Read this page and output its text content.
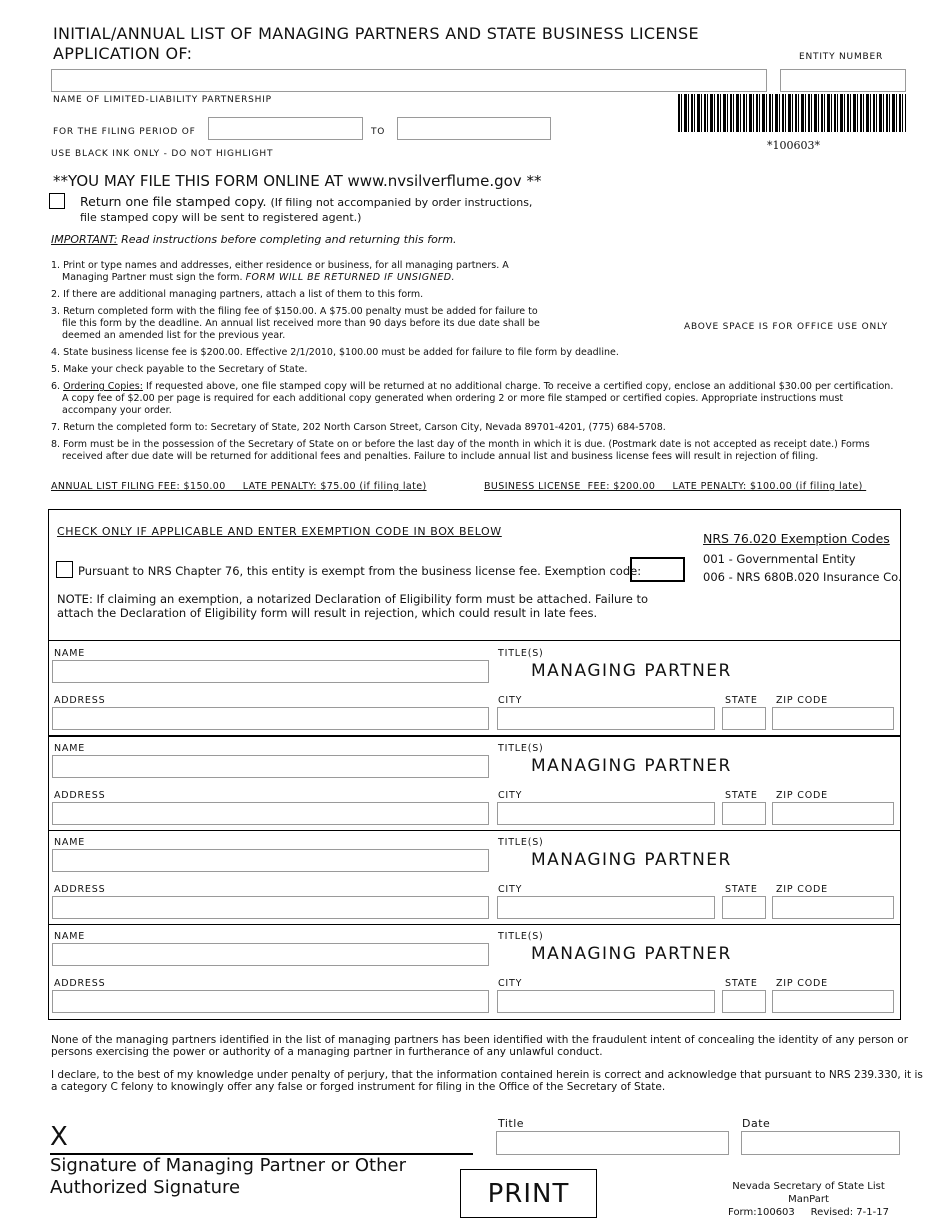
INITIAL/ANNUAL LIST OF MANAGING PARTNERS AND STATE BUSINESS LICENSE
APPLICATION OF:	ENTITY NUMBER
NAME OF LIMITED-LIABILITY PARTNERSHIP
FOR THE FILING PERIOD OF	TO
*100603*
USE BLACK INK ONLY - DO NOT HIGHLIGHT
**YOU MAY FILE THIS FORM ONLINE AT www.nvsilverflume.gov **
Return one file stamped copy. (If filing not accompanied by order instructions,
file stamped copy will be sent to registered agent.)
IMPORTANT: Read instructions before completing and returning this form.
ABOVE SPACE IS FOR OFFICE USE ONLY
1. Print or type names and addresses, either residence or business, for all managing partners. A
Managing Partner must sign the form. FORM WILL BE RETURNED IF UNSIGNED.
2. If there are additional managing partners, attach a list of them to this form.
3. Return completed form with the filing fee of $150.00. A $75.00 penalty must be added for failure to
file this form by the deadline. An annual list received more than 90 days before its due date shall be
deemed an amended list for the previous year.
4. State business license fee is $200.00. Effective 2/1/2010, $100.00 must be added for failure to file form by deadline.
5. Make your check payable to the Secretary of State.
6. Ordering Copies: If requested above, one file stamped copy will be returned at no additional charge. To receive a certified copy, enclose an additional $30.00 per certification.
A copy fee of $2.00 per page is required for each additional copy generated when ordering 2 or more file stamped or certified copies. Appropriate instructions must
accompany your order.
7. Return the completed form to: Secretary of State, 202 North Carson Street, Carson City, Nevada 89701-4201, (775) 684-5708.
8. Form must be in the possession of the Secretary of State on or before the last day of the month in which it is due. (Postmark date is not accepted as receipt date.) Forms
received after due date will be returned for additional fees and penalties. Failure to include annual list and business license fees will result in rejection of filing.
ANNUAL LIST FILING FEE: $150.00     LATE PENALTY: $75.00 (if filing late)	BUSINESS LICENSE  FEE: $200.00     LATE PENALTY: $100.00 (if filing late)
CHECK ONLY IF APPLICABLE AND ENTER EXEMPTION CODE IN BOX BELOW
Pursuant to NRS Chapter 76, this entity is exempt from the business license fee. Exemption code:
NOTE: If claiming an exemption, a notarized Declaration of Eligibility form must be attached. Failure to
attach the Declaration of Eligibility form will result in rejection, which could result in late fees.
NRS 76.020 Exemption Codes
001 - Governmental Entity
006 - NRS 680B.020 Insurance Co.
NAME	TITLE(S)
MANAGING PARTNER
ADDRESS	CITY	STATE ZIP CODE
NAME	TITLE(S)
MANAGING PARTNER
ADDRESS	CITY	STATE ZIP CODE
NAME	TITLE(S)
MANAGING PARTNER
ADDRESS	CITY	STATE ZIP CODE
NAME	TITLE(S)
MANAGING PARTNER
ADDRESS	CITY	STATE ZIP CODE
None of the managing partners identified in the list of managing partners has been identified with the fraudulent intent of concealing the identity of any person or
persons exercising the power or authority of a managing partner in furtherance of any unlawful conduct.
I declare, to the best of my knowledge under penalty of perjury, that the information contained herein is correct and acknowledge that pursuant to NRS 239.330, it is
a category C felony to knowingly offer any false or forged instrument for filing in the Office of the Secretary of State.
X
Signature of Managing Partner or Other
Authorized Signature
Title	Date
PRINT	Nevada Secretary of State List ManPart
Form:100603     Revised: 7-1-17
